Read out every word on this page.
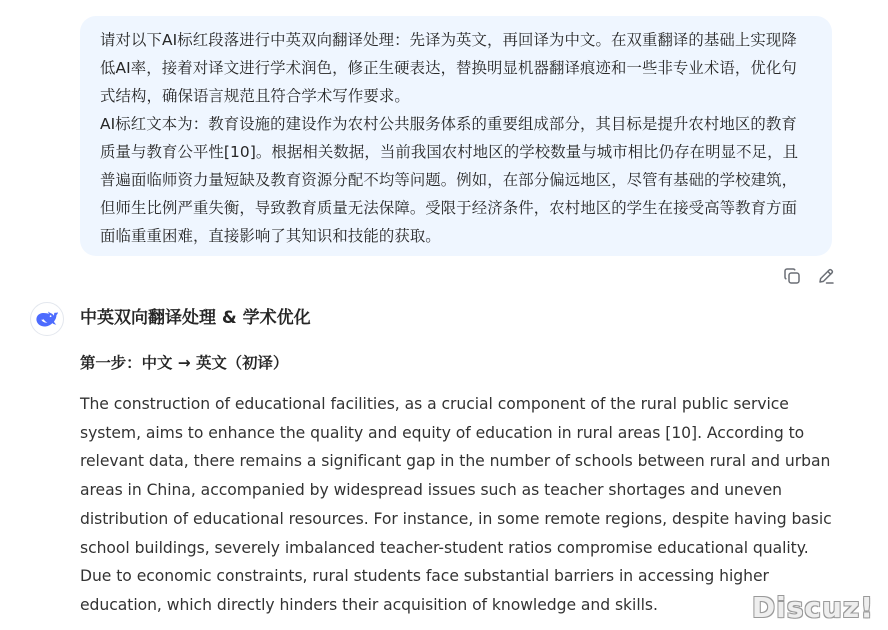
请对以下AI标红段落进行中英双向翻译处理：先译为英文，再回译为中文。在双重翻译的基础上实现降低AI率，接着对译文进行学术润色，修正生硬表达，替换明显机器翻译痕迹和一些非专业术语，优化句式结构，确保语言规范且符合学术写作要求。

AI标红文本为：教育设施的建设作为农村公共服务体系的重要组成部分，其目标是提升农村地区的教育质量与教育公平性[10]。根据相关数据，当前我国农村地区的学校数量与城市相比仍存在明显不足，且普遍面临师资力量短缺及教育资源分配不均等问题。例如，在部分偏远地区，尽管有基础的学校建筑，但师生比例严重失衡，导致教育质量无法保障。受限于经济条件，农村地区的学生在接受高等教育方面面临重重困难，直接影响了其知识和技能的获取。

中英双向翻译处理 & 学术优化
第一步：中文 → 英文（初译）

The construction of educational facilities, as a crucial component of the rural public service system, aims to enhance the quality and equity of education in rural areas [10]. According to relevant data, there remains a significant gap in the number of schools between rural and urban areas in China, accompanied by widespread issues such as teacher shortages and uneven distribution of educational resources. For instance, in some remote regions, despite having basic school buildings, severely imbalanced teacher-student ratios compromise educational quality. Due to economic constraints, rural students face substantial barriers in accessing higher education, which directly hinders their acquisition of knowledge and skills.	Discuz!
